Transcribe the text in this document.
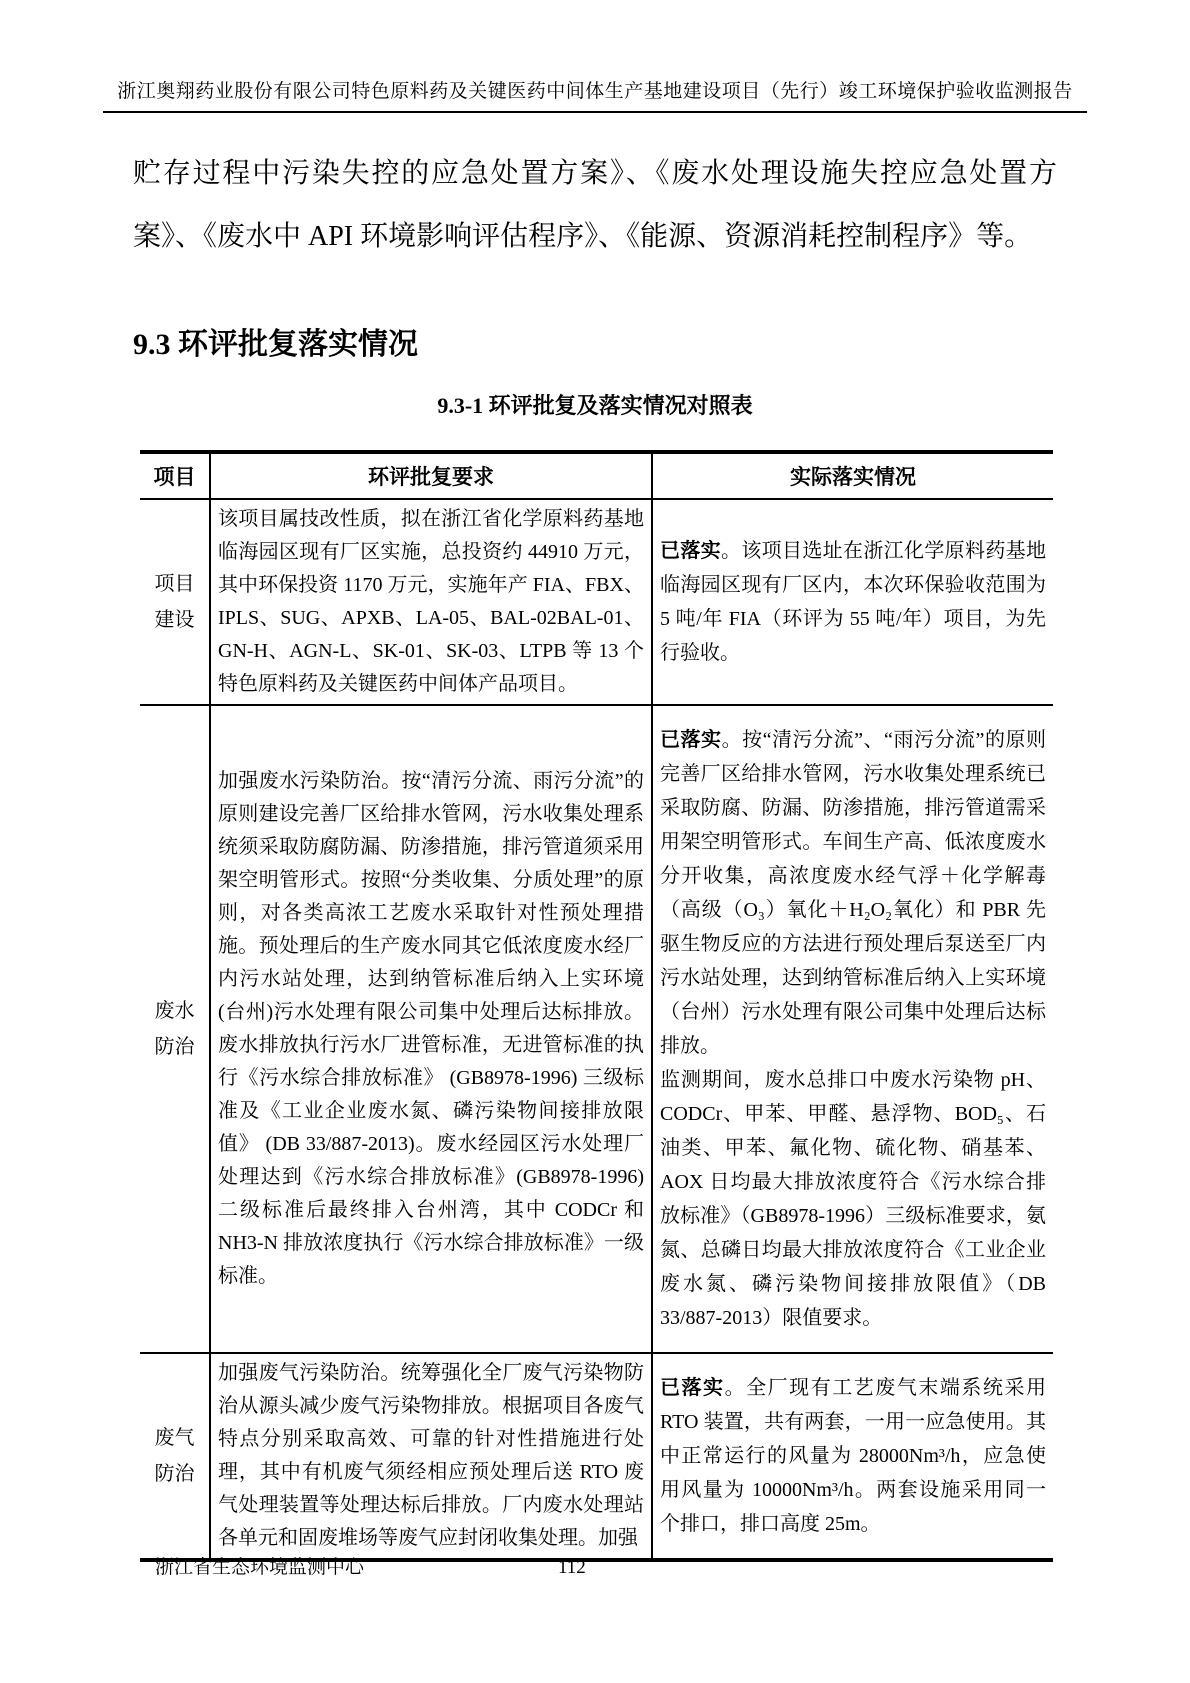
浙江奥翔药业股份有限公司特色原料药及关键医药中间体生产基地建设项目（先行）竣工环境保护验收监测报告

贮存过程中污染失控的应急处置方案》、《废水处理设施失控应急处置方案》、《废水中 API 环境影响评估程序》、《能源、资源消耗控制程序》等。

9.3 环评批复落实情况
9.3-1 环评批复及落实情况对照表
项目	环评批复要求	实际落实情况
项目建设	该项目属技改性质，拟在浙江省化学原料药基地临海园区现有厂区实施，总投资约 44910 万元，其中环保投资 1170 万元，实施年产 FIA、FBX、IPLS、SUG、APXB、LA-05、BAL-02BAL-01、GN-H、AGN-L、SK-01、SK-03、LTPB 等 13 个特色原料药及关键医药中间体产品项目。	已落实。该项目选址在浙江化学原料药基地临海园区现有厂区内，本次环保验收范围为 5 吨/年 FIA（环评为 55 吨/年）项目，为先行验收。
废水防治	加强废水污染防治。按“清污分流、雨污分流”的原则建设完善厂区给排水管网，污水收集处理系统须采取防腐防漏、防渗措施，排污管道须采用架空明管形式。按照“分类收集、分质处理”的原则，对各类高浓工艺废水采取针对性预处理措施。预处理后的生产废水同其它低浓度废水经厂内污水站处理，达到纳管标准后纳入上实环境(台州)污水处理有限公司集中处理后达标排放。废水排放执行污水厂进管标准，无进管标准的执行《污水综合排放标准》 (GB8978-1996) 三级标准及《工业企业废水氮、磷污染物间接排放限值》 (DB 33/887-2013)。废水经园区污水处理厂处理达到《污水综合排放标准》(GB8978-1996)二级标准后最终排入台州湾，其中 CODCr 和 NH3-N 排放浓度执行《污水综合排放标准》一级标准。	
已落实。按“清污分流”、“雨污分流”的原则完善厂区给排水管网，污水收集处理系统已采取防腐、防漏、防渗措施，排污管道需采用架空明管形式。车间生产高、低浓度废水分开收集，高浓度废水经气浮＋化学解毒（高级（O₃）氧化＋H₂O₂氧化）和 PBR 先驱生物反应的方法进行预处理后泵送至厂内污水站处理，达到纳管标准后纳入上实环境（台州）污水处理有限公司集中处理后达标排放。
监测期间，废水总排口中废水污染物 pH、CODCr、甲苯、甲醛、悬浮物、BOD₅、石油类、甲苯、氟化物、硫化物、硝基苯、AOX 日均最大排放浓度符合《污水综合排放标准》（GB8978-1996）三级标准要求，氨氮、总磷日均最大排放浓度符合《工业企业废水氮、磷污染物间接排放限值》（DB 33/887-2013）限值要求。

废气防治	加强废气污染防治。统筹强化全厂废气污染物防治从源头减少废气污染物排放。根据项目各废气特点分别采取高效、可靠的针对性措施进行处理，其中有机废气须经相应预处理后送 RTO 废气处理装置等处理达标后排放。厂内废水处理站各单元和固废堆场等废气应封闭收集处理。加强	已落实。全厂现有工艺废气末端系统采用 RTO 装置，共有两套，一用一应急使用。其中正常运行的风量为 28000Nm³/h，应急使用风量为 10000Nm³/h。两套设施采用同一个排口，排口高度 25m。
浙江省生态环境监测中心	112
